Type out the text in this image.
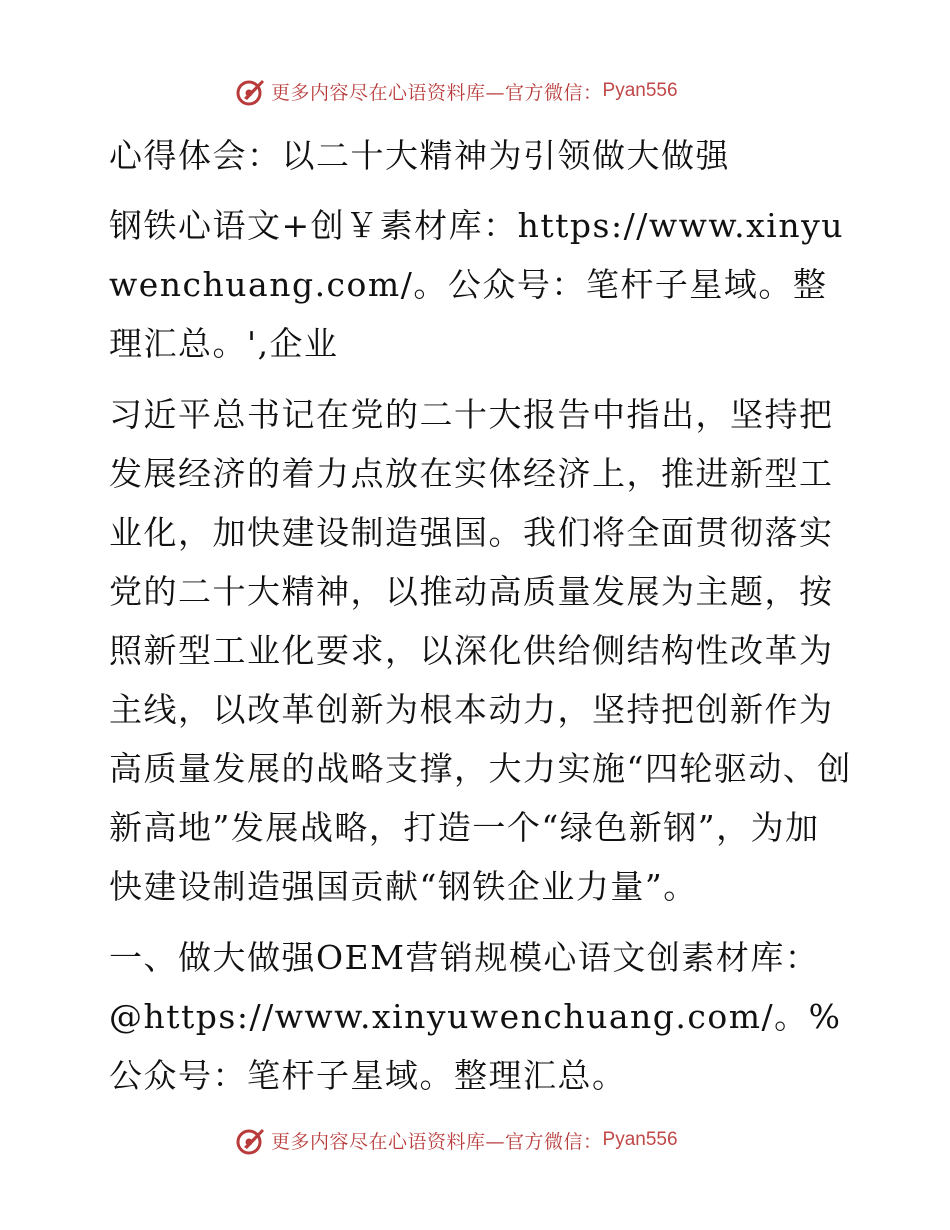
更多内容尽在心语资料库—官方微信： Pyan556

心得体会：以二十大精神为引领做大做强

钢铁心语文+创￥素材库：https://www.xinyuwenchuang.com/。公众号：笔杆子星域。整理汇总。',企业

习近平总书记在党的二十大报告中指出，坚持把发展经济的着力点放在实体经济上，推进新型工业化，加快建设制造强国。我们将全面贯彻落实党的二十大精神，以推动高质量发展为主题，按照新型工业化要求，以深化供给侧结构性改革为主线，以改革创新为根本动力，坚持把创新作为高质量发展的战略支撑，大力实施“四轮驱动、创新高地”发展战略，打造一个“绿色新钢”，为加快建设制造强国贡献“钢铁企业力量”。

一、做大做强OEM营销规模心语文创素材库：@https://www.xinyuwenchuang.com/。%公众号：笔杆子星域。整理汇总。

更多内容尽在心语资料库—官方微信： Pyan556
